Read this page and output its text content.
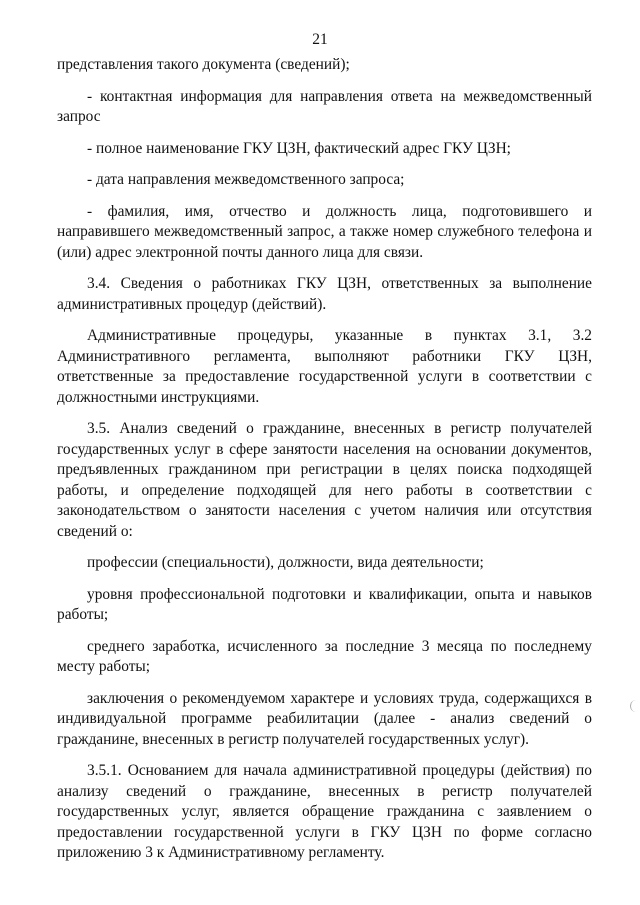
21

представления такого документа (сведений);

- контактная информация для направления ответа на межведомственный запрос

- полное наименование ГКУ ЦЗН, фактический адрес ГКУ ЦЗН;

- дата направления межведомственного запроса;

- фамилия, имя, отчество и должность лица, подготовившего и направившего межведомственный запрос, а также номер служебного телефона и (или) адрес электронной почты данного лица для связи.

3.4. Сведения о работниках ГКУ ЦЗН, ответственных за выполнение административных процедур (действий).

Административные процедуры, указанные в пунктах 3.1, 3.2 Административного регламента, выполняют работники ГКУ ЦЗН, ответственные за предоставление государственной услуги в соответствии с должностными инструкциями.

3.5. Анализ сведений о гражданине, внесенных в регистр получателей государственных услуг в сфере занятости населения на основании документов, предъявленных гражданином при регистрации в целях поиска подходящей работы, и определение подходящей для него работы в соответствии с законодательством о занятости населения с учетом наличия или отсутствия сведений о:

профессии (специальности), должности, вида деятельности;

уровня профессиональной подготовки и квалификации, опыта и навыков работы;

среднего заработка, исчисленного за последние 3 месяца по последнему месту работы;

заключения о рекомендуемом характере и условиях труда, содержащихся в индивидуальной программе реабилитации (далее - анализ сведений о гражданине, внесенных в регистр получателей государственных услуг).

3.5.1. Основанием для начала административной процедуры (действия) по анализу сведений о гражданине, внесенных в регистр получателей государственных услуг, является обращение гражданина с заявлением о предоставлении государственной услуги в ГКУ ЦЗН по форме согласно приложению 3 к Административному регламенту.
